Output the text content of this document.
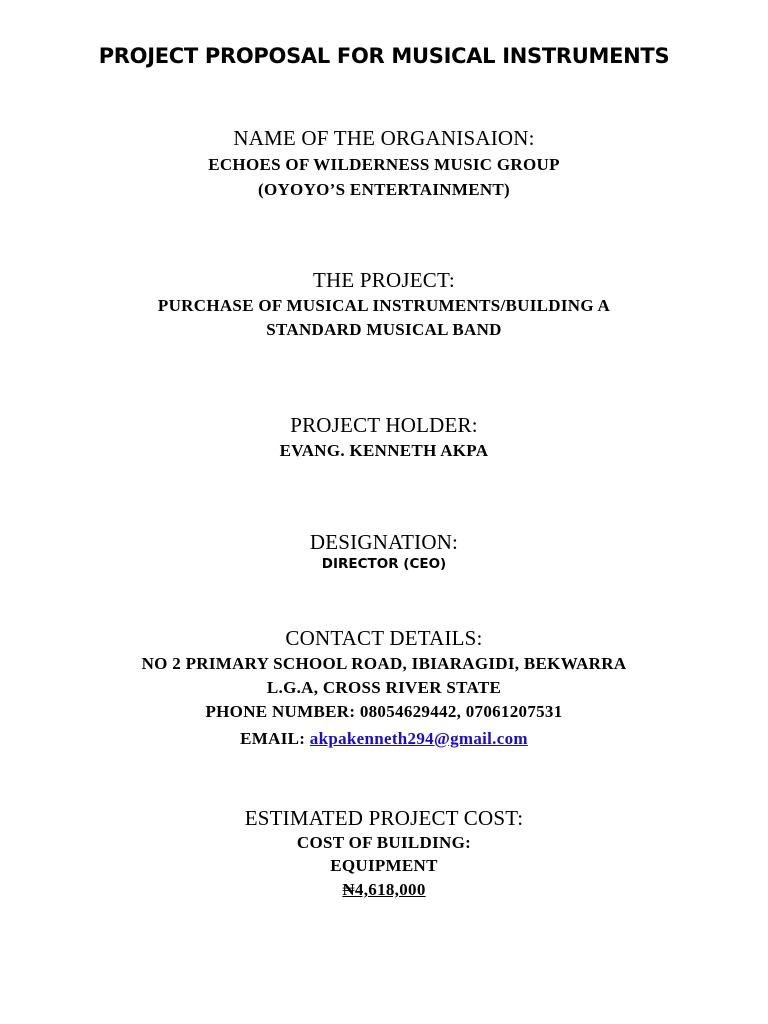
PROJECT PROPOSAL FOR MUSICAL INSTRUMENTS
NAME OF THE ORGANISAION:
ECHOES OF WILDERNESS MUSIC GROUP
(OYOYO’S ENTERTAINMENT)
THE PROJECT:
PURCHASE OF MUSICAL INSTRUMENTS/BUILDING A
STANDARD MUSICAL BAND
PROJECT HOLDER:
EVANG. KENNETH AKPA
DESIGNATION:
DIRECTOR (CEO)
CONTACT DETAILS:
NO 2 PRIMARY SCHOOL ROAD, IBIARAGIDI, BEKWARRA
L.G.A, CROSS RIVER STATE
PHONE NUMBER: 08054629442, 07061207531
EMAIL: akpakenneth294@gmail.com
ESTIMATED PROJECT COST:
COST OF BUILDING:
EQUIPMENT
₦4,618,000
